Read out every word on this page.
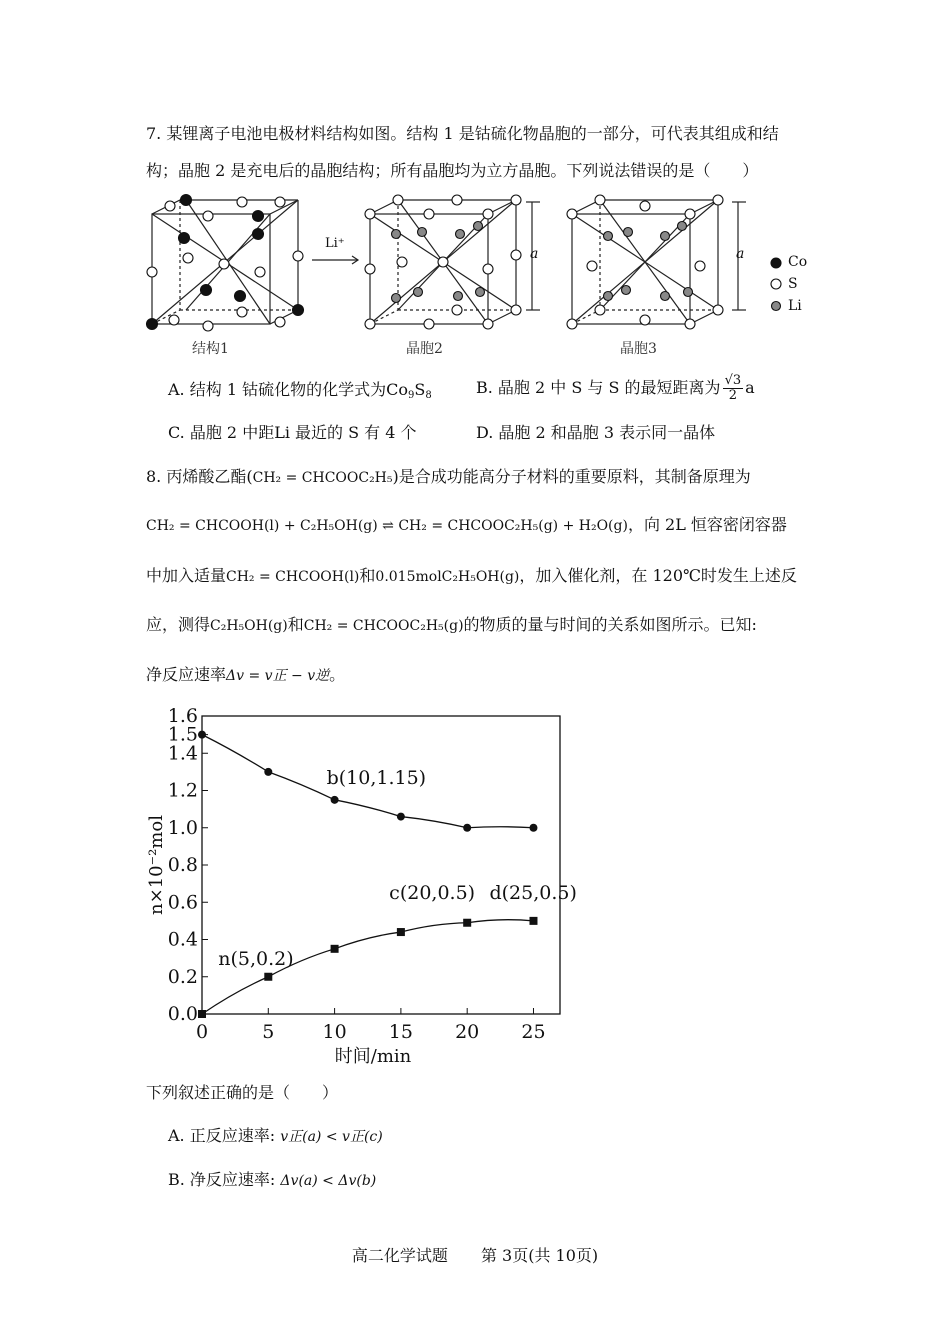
7. 某锂离子电池电极材料结构如图。结构 1 是钴硫化物晶胞的一部分，可代表其组成和结
构；晶胞 2 是充电后的晶胞结构；所有晶胞均为立方晶胞。下列说法错误的是（　　）
Li⁺
a	a	Co
S
Li
结构1	晶胞2	晶胞3
A. 结构 1 钴硫化物的化学式为$Co_9S_8$	B. 晶胞 2 中 S 与 S 的最短距离为 $\frac{√3}{2}$ a
C. 晶胞 2 中距Li 最近的 S 有 4 个	D. 晶胞 2 和晶胞 3 表示同一晶体
8. 丙烯酸乙酯(CH₂ = CHCOOC₂H₅)是合成功能高分子材料的重要原料，其制备原理为
CH₂ = CHCOOH(l) + C₂H₅OH(g) ⇌ CH₂ = CHCOOC₂H₅(g) + H₂O(g)，向 2L 恒容密闭容器
中加入适量CH₂ = CHCOOH(l)和0.015molC₂H₅OH(g)，加入催化剂，在 120℃时发生上述反
应，测得C₂H₅OH(g)和CH₂ = CHCOOC₂H₅(g)的物质的量与时间的关系如图所示。已知:
净反应速率Δv = v正 − v逆。
0.0
0.2
0.4
0.6
0.8
1.0
1.2
1.4
1.5
1.6
0	5	10 15 20 25
时间/min
n×10⁻²mol
b(10,1.15)
c(20,0.5) d(25,0.5)
n(5,0.2)
下列叙述正确的是（　　）
A. 正反应速率: v正(a) < v正(c)
B. 净反应速率: Δv(a) < Δv(b)
高二化学试题 第 3页(共 10页)
